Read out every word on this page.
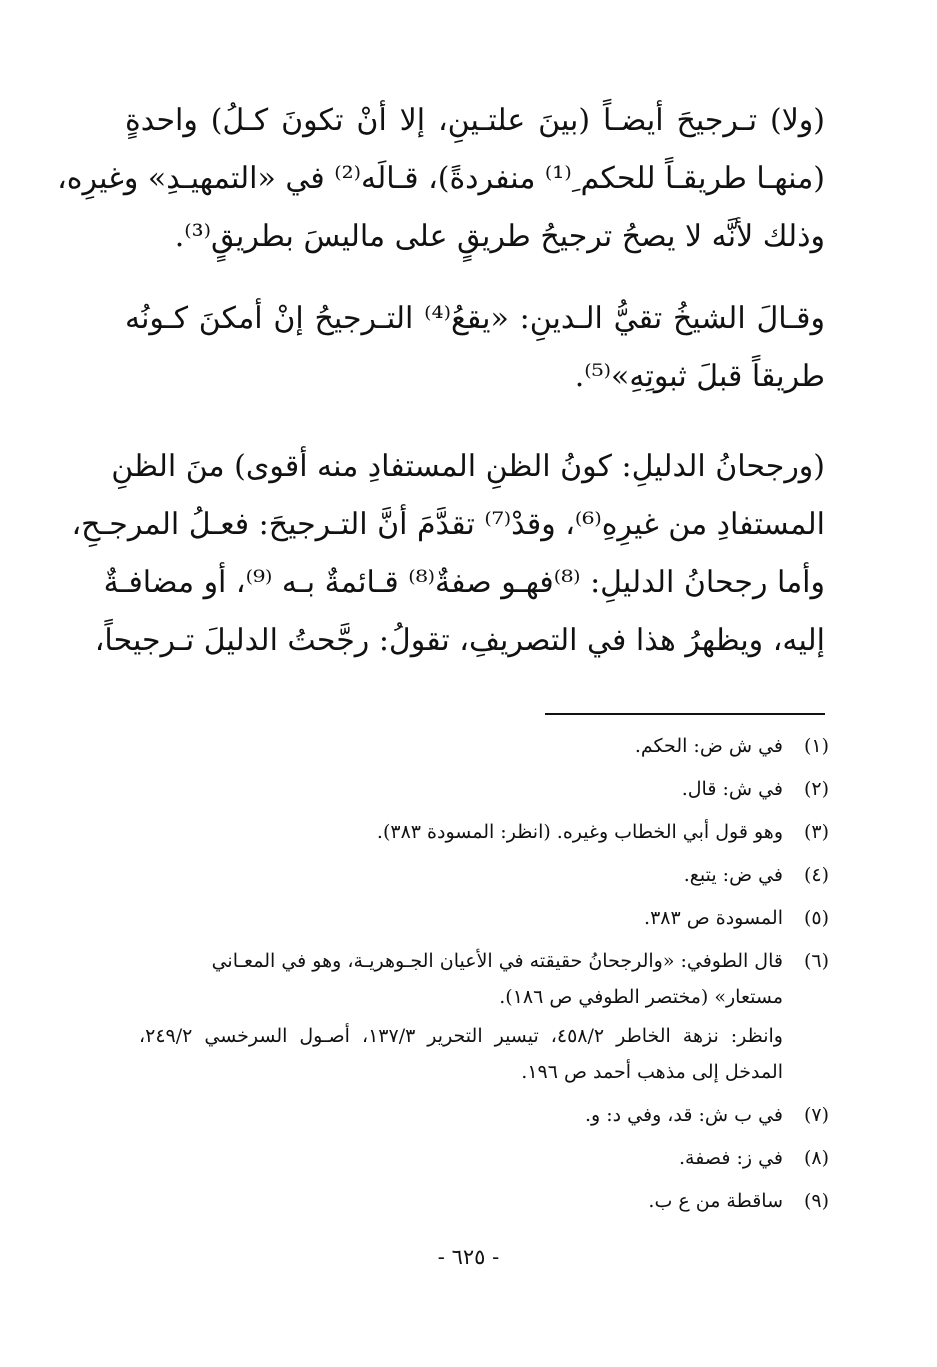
(ولا) تـرجيحَ أيضـاً (بينَ علتـينِ، إلا أنْ تكونَ كـلُ) واحدةٍ
(منهـا طريقـاً للحكم ِ⁽¹⁾ منفردةً)، قـالَه⁽²⁾ في «التمهيـدِ» وغيرِه،
وذلك لأنَّه لا يصحُ ترجيحُ طريقٍ على ماليسَ بطريقٍ⁽³⁾.
وقـالَ الشيخُ تقيُّ الـدينِ: «يقعُ⁽⁴⁾ التـرجيحُ إنْ أمكنَ كـونُه
طريقاً قبلَ ثبوتِهِ»⁽⁵⁾.
(ورجحانُ الدليلِ: كونُ الظنِ المستفادِ منه أقوى) منَ الظنِ
المستفادِ من غيرِهِ⁽⁶⁾، وقدْ⁽⁷⁾ تقدَّمَ أنَّ التـرجيحَ: فعـلُ المرجـحِ،
وأما رجحانُ الدليلِ: ⁽⁸⁾فهـو صفةٌ⁽⁸⁾ قـائمةٌ بـه ⁽⁹⁾، أو مضافـةٌ
إليه، ويظهرُ هذا في التصريفِ، تقولُ: رجَّحتُ الدليلَ تـرجيحاً،
(١)
في ش ض: الحكم.
(٢)
في ش: قال.
(٣)
وهو قول أبي الخطاب وغيره. (انظر: المسودة ٣٨٣).
(٤)
في ض: يتبع.
(٥)
المسودة ص ٣٨٣.
(٦)
قال الطوفي: «والرجحانُ حقيقته في الأعيان الجـوهريـة، وهو في المعـاني مستعار» (مختصر الطوفي ص ١٨٦).
وانظر: نزهة الخاطر ٤٥٨/٢، تيسير التحرير ١٣٧/٣، أصـول السرخسي ٢٤٩/٢، المدخل إلى مذهب أحمد ص ١٩٦.
(٧)
في ب ش: قد، وفي د: و.
(٨)
في ز: فصفة.
(٩)
ساقطة من ع ب.
- ٦٢٥ -
